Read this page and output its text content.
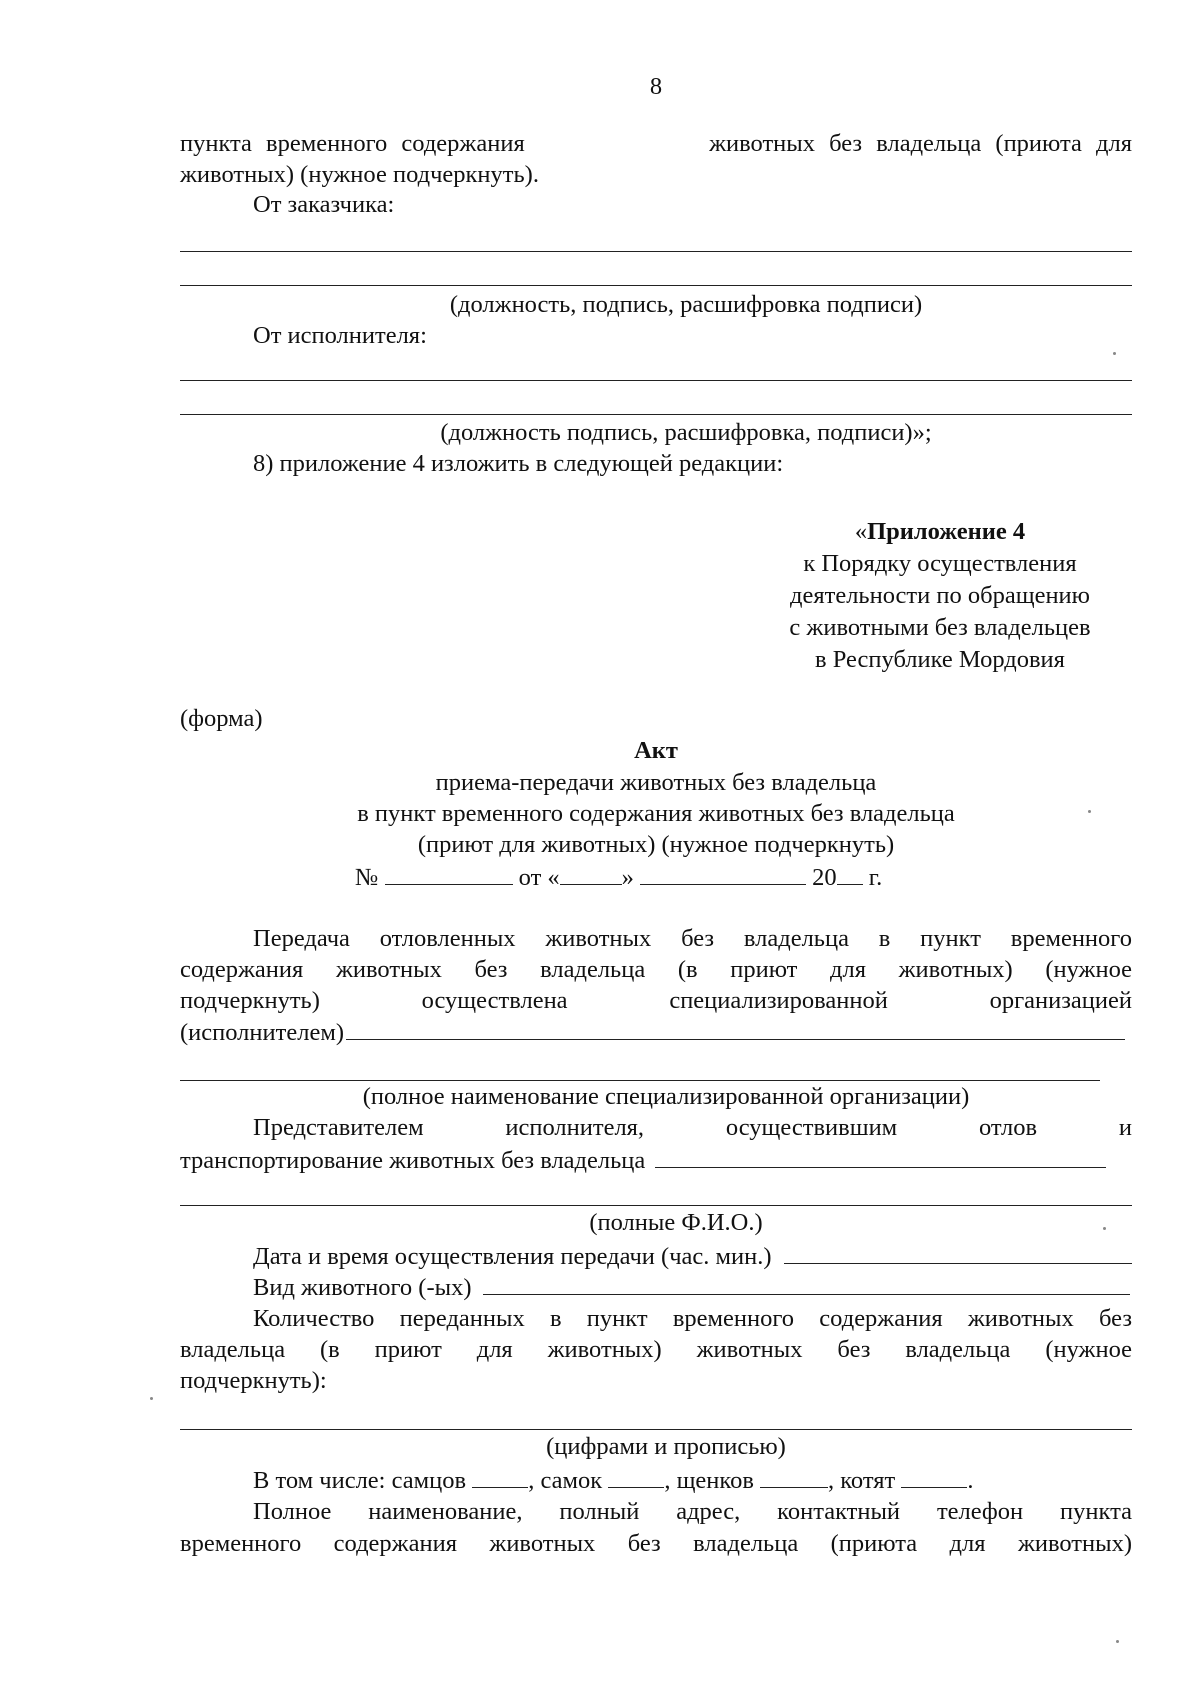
8
пункта временного содержания	животных без владельца (приюта для
животных) (нужное подчеркнуть).
От заказчика:
(должность, подпись, расшифровка подписи)
От исполнителя:
(должность подпись, расшифровка, подписи)»;
8) приложение 4 изложить в следующей редакции:
«Приложение 4
к Порядку осуществления
деятельности по обращению
с животными без владельцев
в Республике Мордовия
(форма)
Акт
приема-передачи животных без владельца
в пункт временного содержания животных без владельца
(приют для животных) (нужное подчеркнуть)
№	от «	»	20 г.
Передача отловленных животных без владельца в пункт временного
содержания животных без владельца (в приют для животных) (нужное
подчеркнуть) осуществлена специализированной организацией
(исполнителем)
(полное наименование специализированной организации)
Представителем исполнителя, осуществившим отлов и
транспортирование животных без владельца
(полные Ф.И.О.)
Дата и время осуществления передачи (час. мин.)
Вид животного (-ых)
Количество переданных в пункт временного содержания животных без
владельца (в приют для животных) животных без владельца (нужное
подчеркнуть):
(цифрами и прописью)
В том числе: самцов	, самок	, щенков	, котят	.
Полное наименование, полный адрес, контактный телефон пункта
временного содержания животных без владельца (приюта для животных)
